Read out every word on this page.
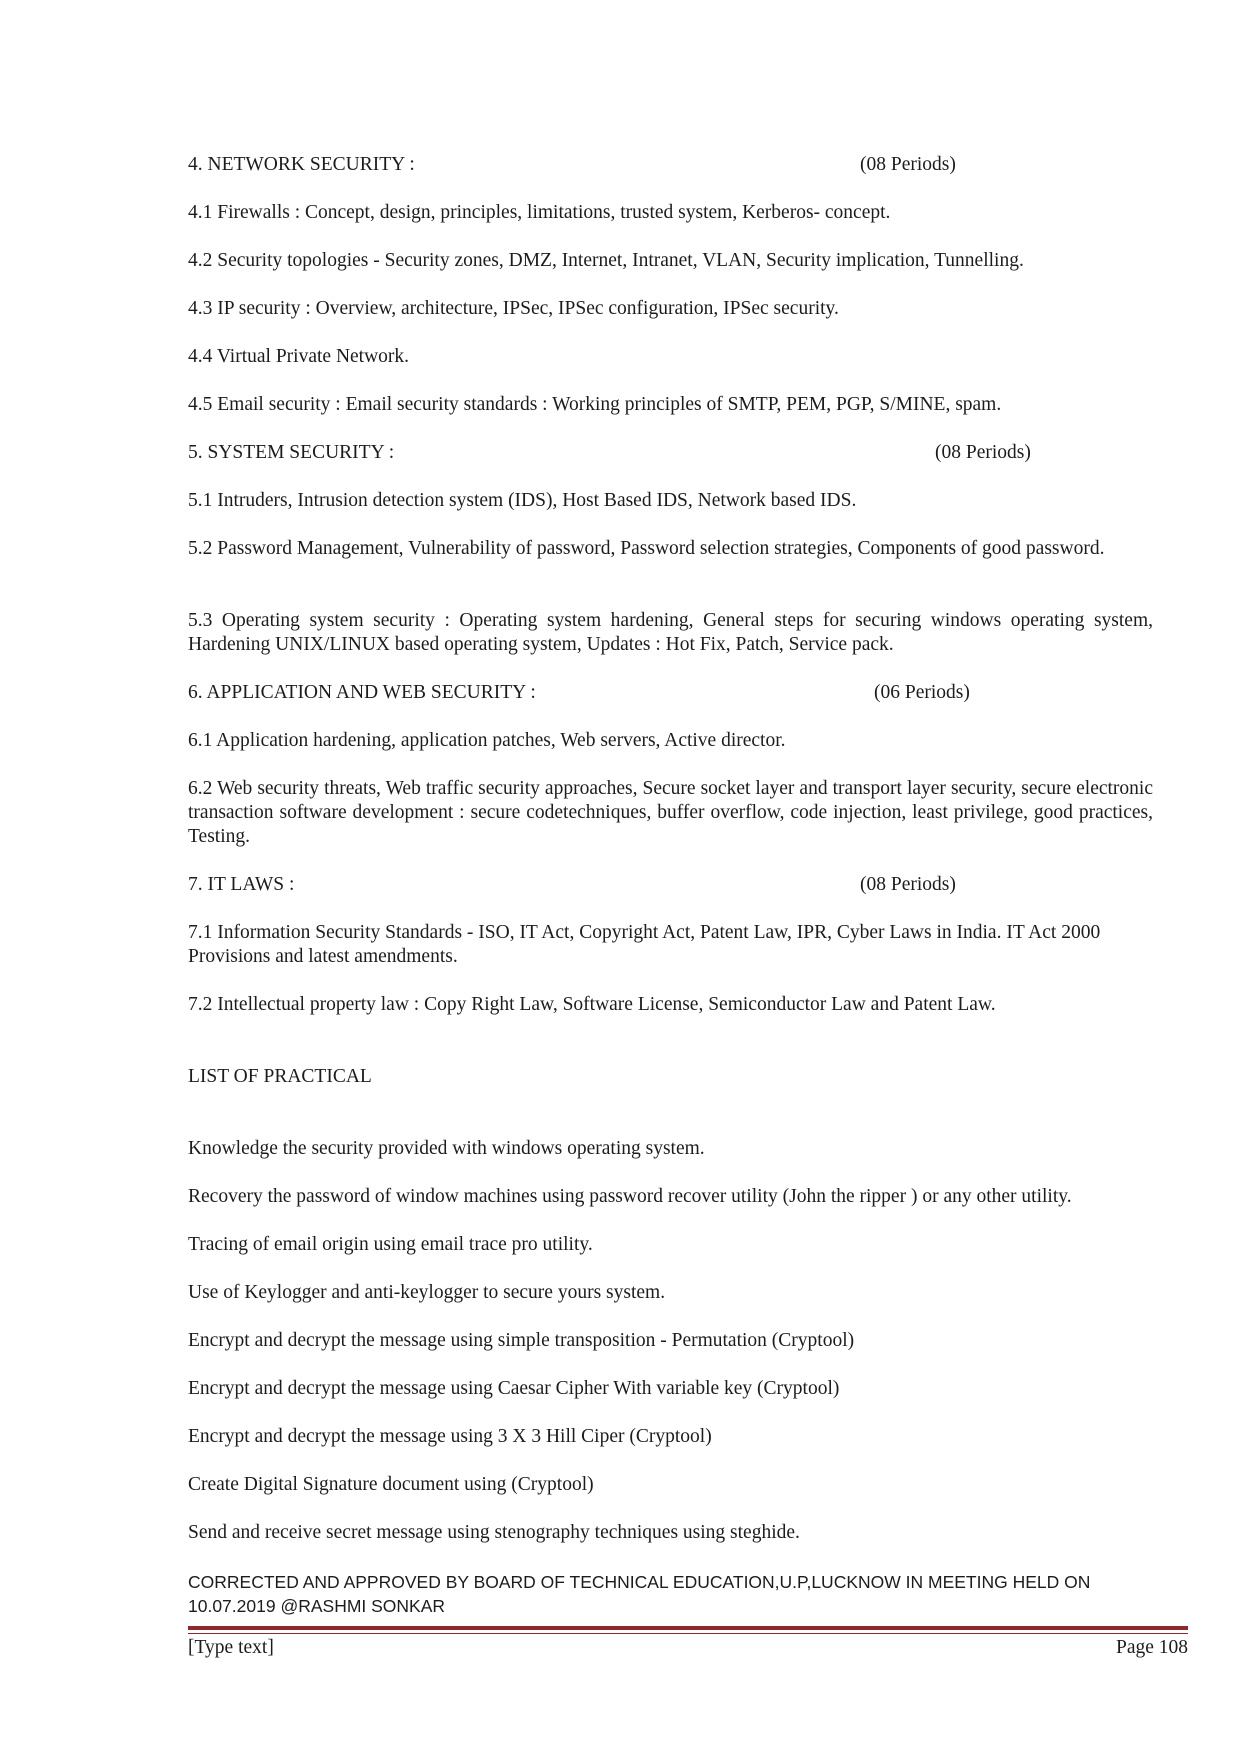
4. NETWORK SECURITY :	(08 Periods)

4.1 Firewalls : Concept, design, principles, limitations, trusted system, Kerberos- concept.

4.2 Security topologies - Security zones, DMZ, Internet, Intranet, VLAN, Security implication, Tunnelling.

4.3 IP security : Overview, architecture, IPSec, IPSec configuration, IPSec security.

4.4 Virtual Private Network.

4.5 Email security : Email security standards : Working principles of SMTP, PEM, PGP, S/MINE, spam.

5. SYSTEM SECURITY :	(08 Periods)

5.1 Intruders, Intrusion detection system (IDS), Host Based IDS, Network based IDS.

5.2 Password Management, Vulnerability of password, Password selection strategies, Components of good password.

5.3 Operating system security : Operating system hardening, General steps for securing windows operating system, Hardening UNIX/LINUX based operating system, Updates : Hot Fix, Patch, Service pack.

6. APPLICATION AND WEB SECURITY :	(06 Periods)

6.1 Application hardening, application patches, Web servers, Active director.

6.2 Web security threats, Web traffic security approaches, Secure socket layer and transport layer security, secure electronic transaction software development : secure codetechniques, buffer overflow, code injection, least privilege, good practices, Testing.

7. IT LAWS :	(08 Periods)

7.1 Information Security Standards - ISO, IT Act, Copyright Act, Patent Law, IPR, Cyber Laws in India. IT Act 2000 Provisions and latest amendments.

7.2 Intellectual property law : Copy Right Law, Software License, Semiconductor Law and Patent Law.

LIST OF PRACTICAL

Knowledge the security provided with windows operating system.

Recovery the password of window machines using password recover utility (John the ripper ) or any other utility.

Tracing of email origin using email trace pro utility.

Use of Keylogger and anti-keylogger to secure yours system.

Encrypt and decrypt the message using simple transposition - Permutation (Cryptool)

Encrypt and decrypt the message using Caesar Cipher With variable key (Cryptool)

Encrypt and decrypt the message using 3 X 3 Hill Ciper (Cryptool)

Create Digital Signature document using (Cryptool)

Send and receive secret message using stenography techniques using steghide.

CORRECTED AND APPROVED BY BOARD OF TECHNICAL EDUCATION,U.P,LUCKNOW IN MEETING HELD ON
10.07.2019 @RASHMI SONKAR
[Type text]	Page 108
